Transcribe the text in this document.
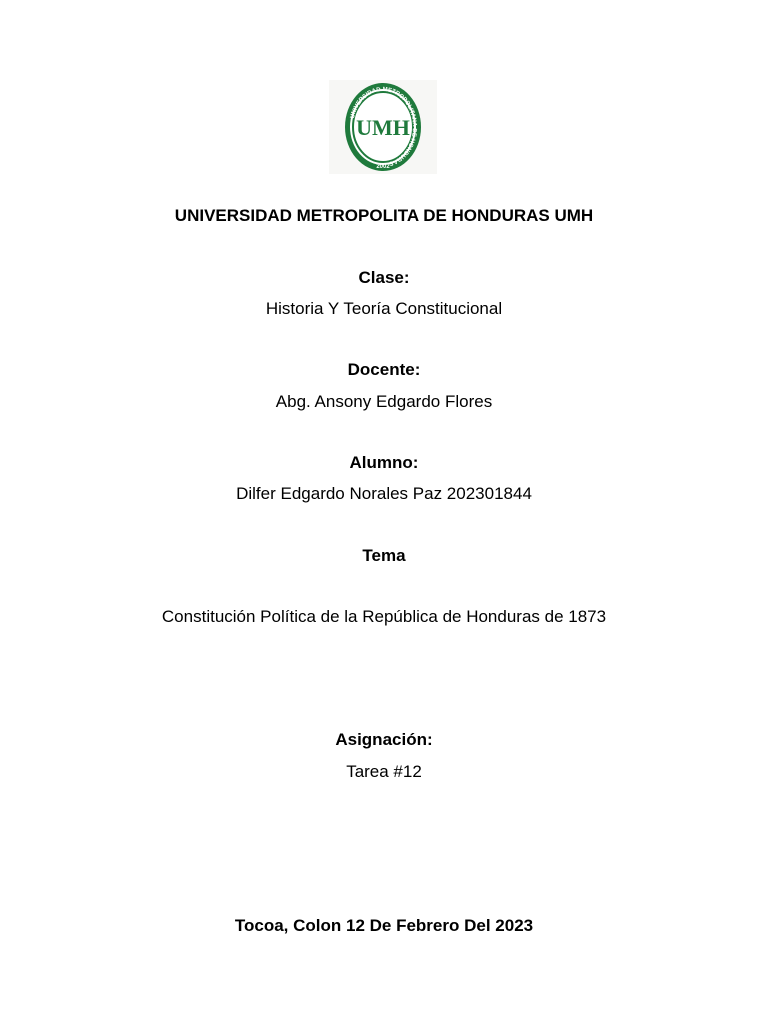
UNIVERSIDAD METROPOLITANA DE HONDURAS
UMH
2002
UNIVERSIDAD METROPOLITA DE HONDURAS UMH
Clase:
Historia Y Teoría Constitucional
Docente:
Abg. Ansony Edgardo Flores
Alumno:
Dilfer Edgardo Norales Paz 202301844
Tema
Constitución Política de la República de Honduras de 1873
Asignación:
Tarea #12
Tocoa, Colon 12 De Febrero Del 2023
